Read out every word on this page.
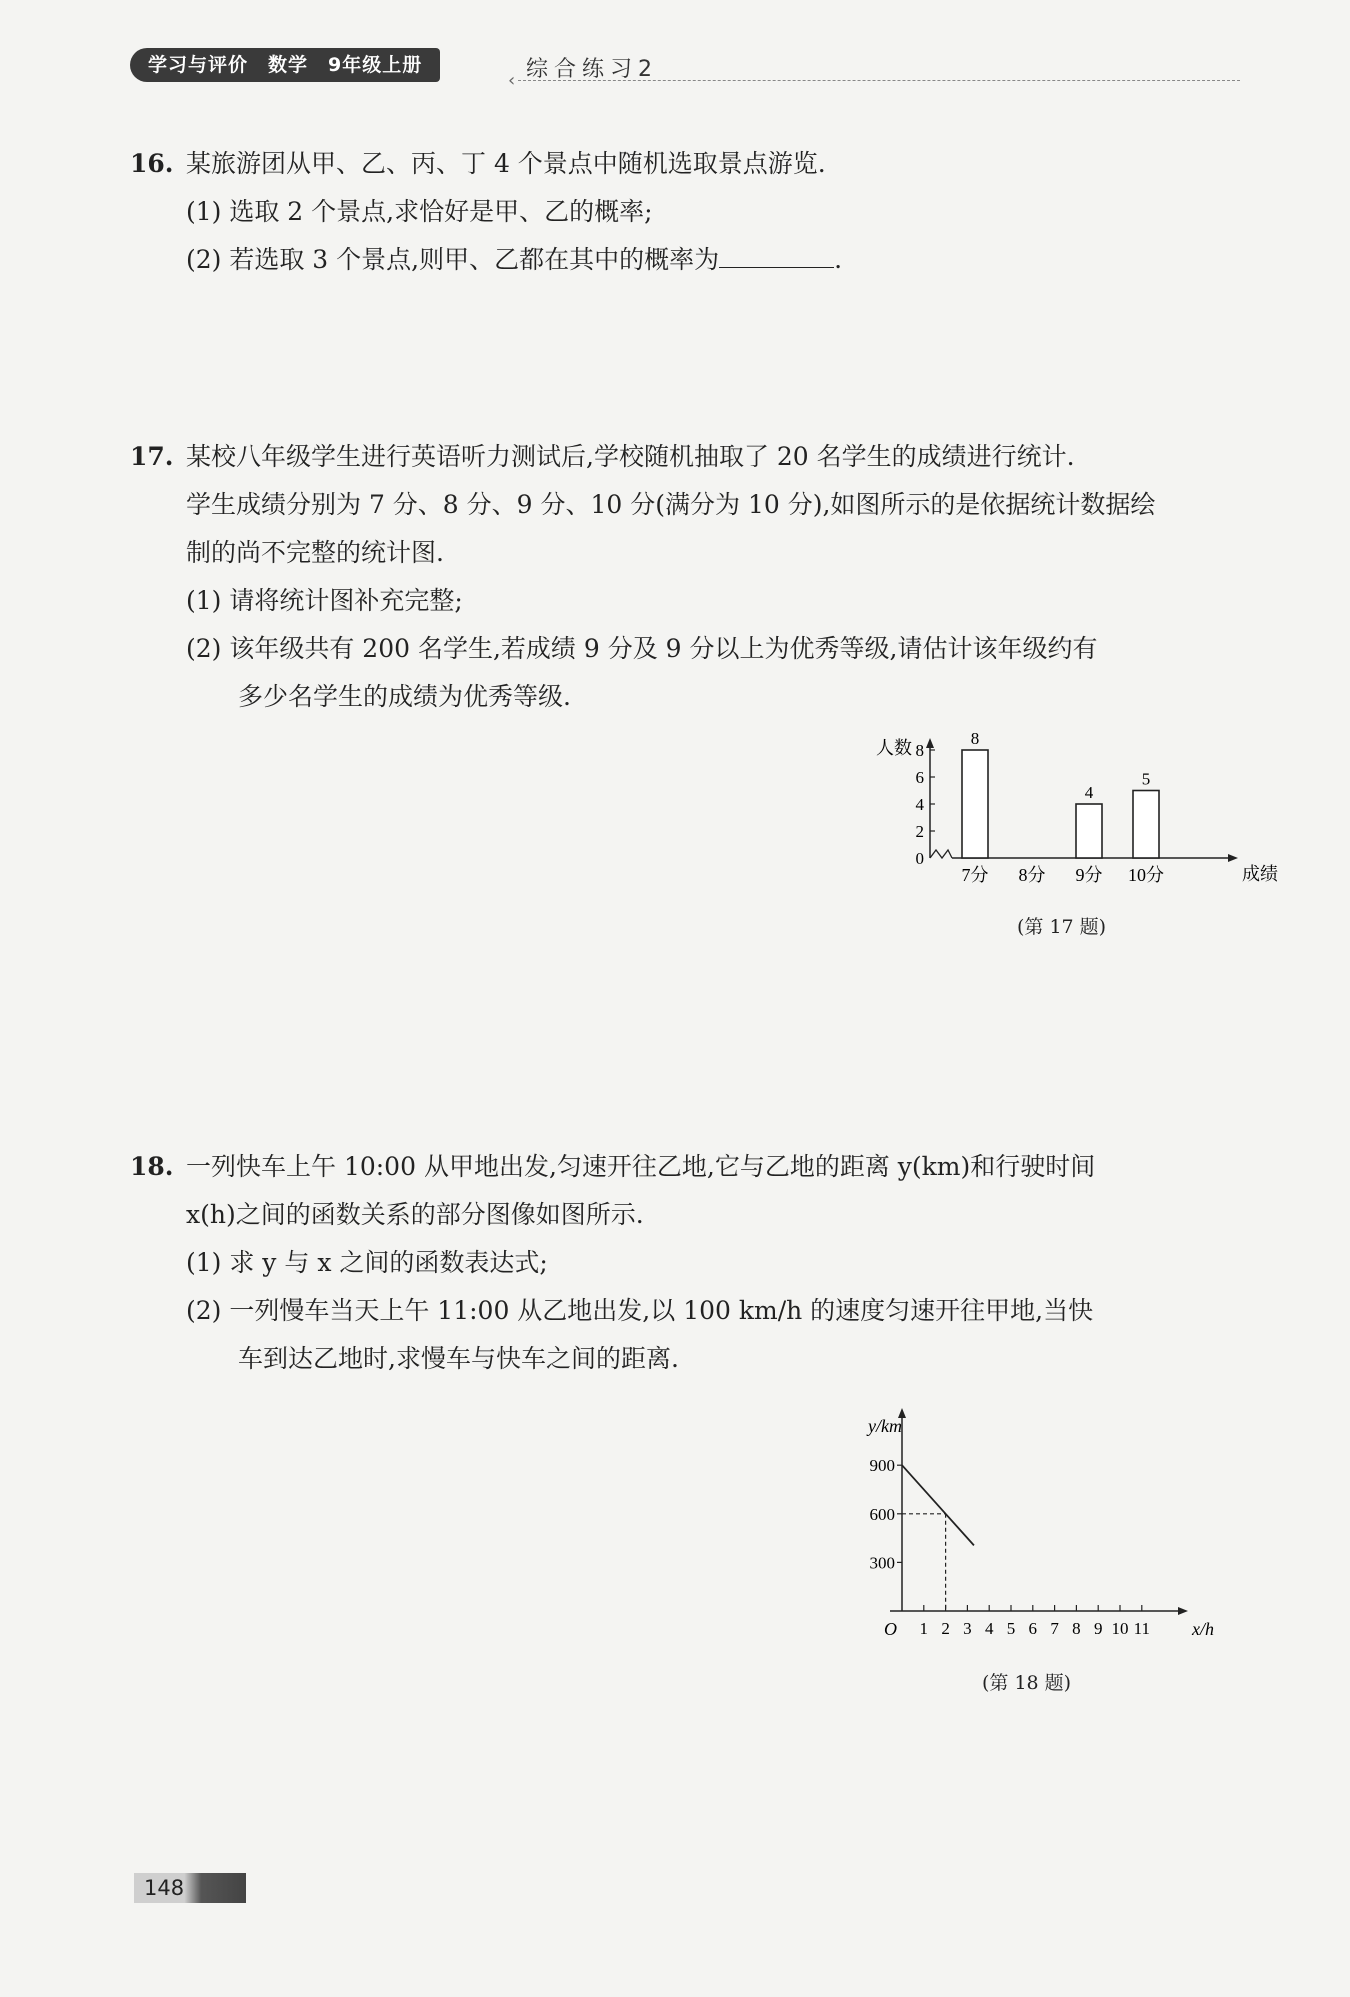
学习与评价 数学 9年级上册
‹ 综合练习2
16. 某旅游团从甲、乙、丙、丁 4 个景点中随机选取景点游览.
(1) 选取 2 个景点,求恰好是甲、乙的概率;
(2) 若选取 3 个景点,则甲、乙都在其中的概率为	.
17. 某校八年级学生进行英语听力测试后,学校随机抽取了 20 名学生的成绩进行统计.
学生成绩分别为 7 分、8 分、9 分、10 分(满分为 10 分),如图所示的是依据统计数据绘
制的尚不完整的统计图.
(1) 请将统计图补充完整;
(2) 该年级共有 200 名学生,若成绩 9 分及 9 分以上为优秀等级,请估计该年级约有
多少名学生的成绩为优秀等级.
人数
成绩
0
2
4
6
8
7分
8
8分 9分
4
10分
5
(第 17 题)
18. 一列快车上午 10:00 从甲地出发,匀速开往乙地,它与乙地的距离 y(km)和行驶时间
x(h)之间的函数关系的部分图像如图所示.
(1) 求 y 与 x 之间的函数表达式;
(2) 一列慢车当天上午 11:00 从乙地出发,以 100 km/h 的速度匀速开往甲地,当快
车到达乙地时,求慢车与快车之间的距离.
y/km
x/h
O
300
600
900
1 2 3 4 5 6 7 8 9 10 11
(第 18 题)
148
